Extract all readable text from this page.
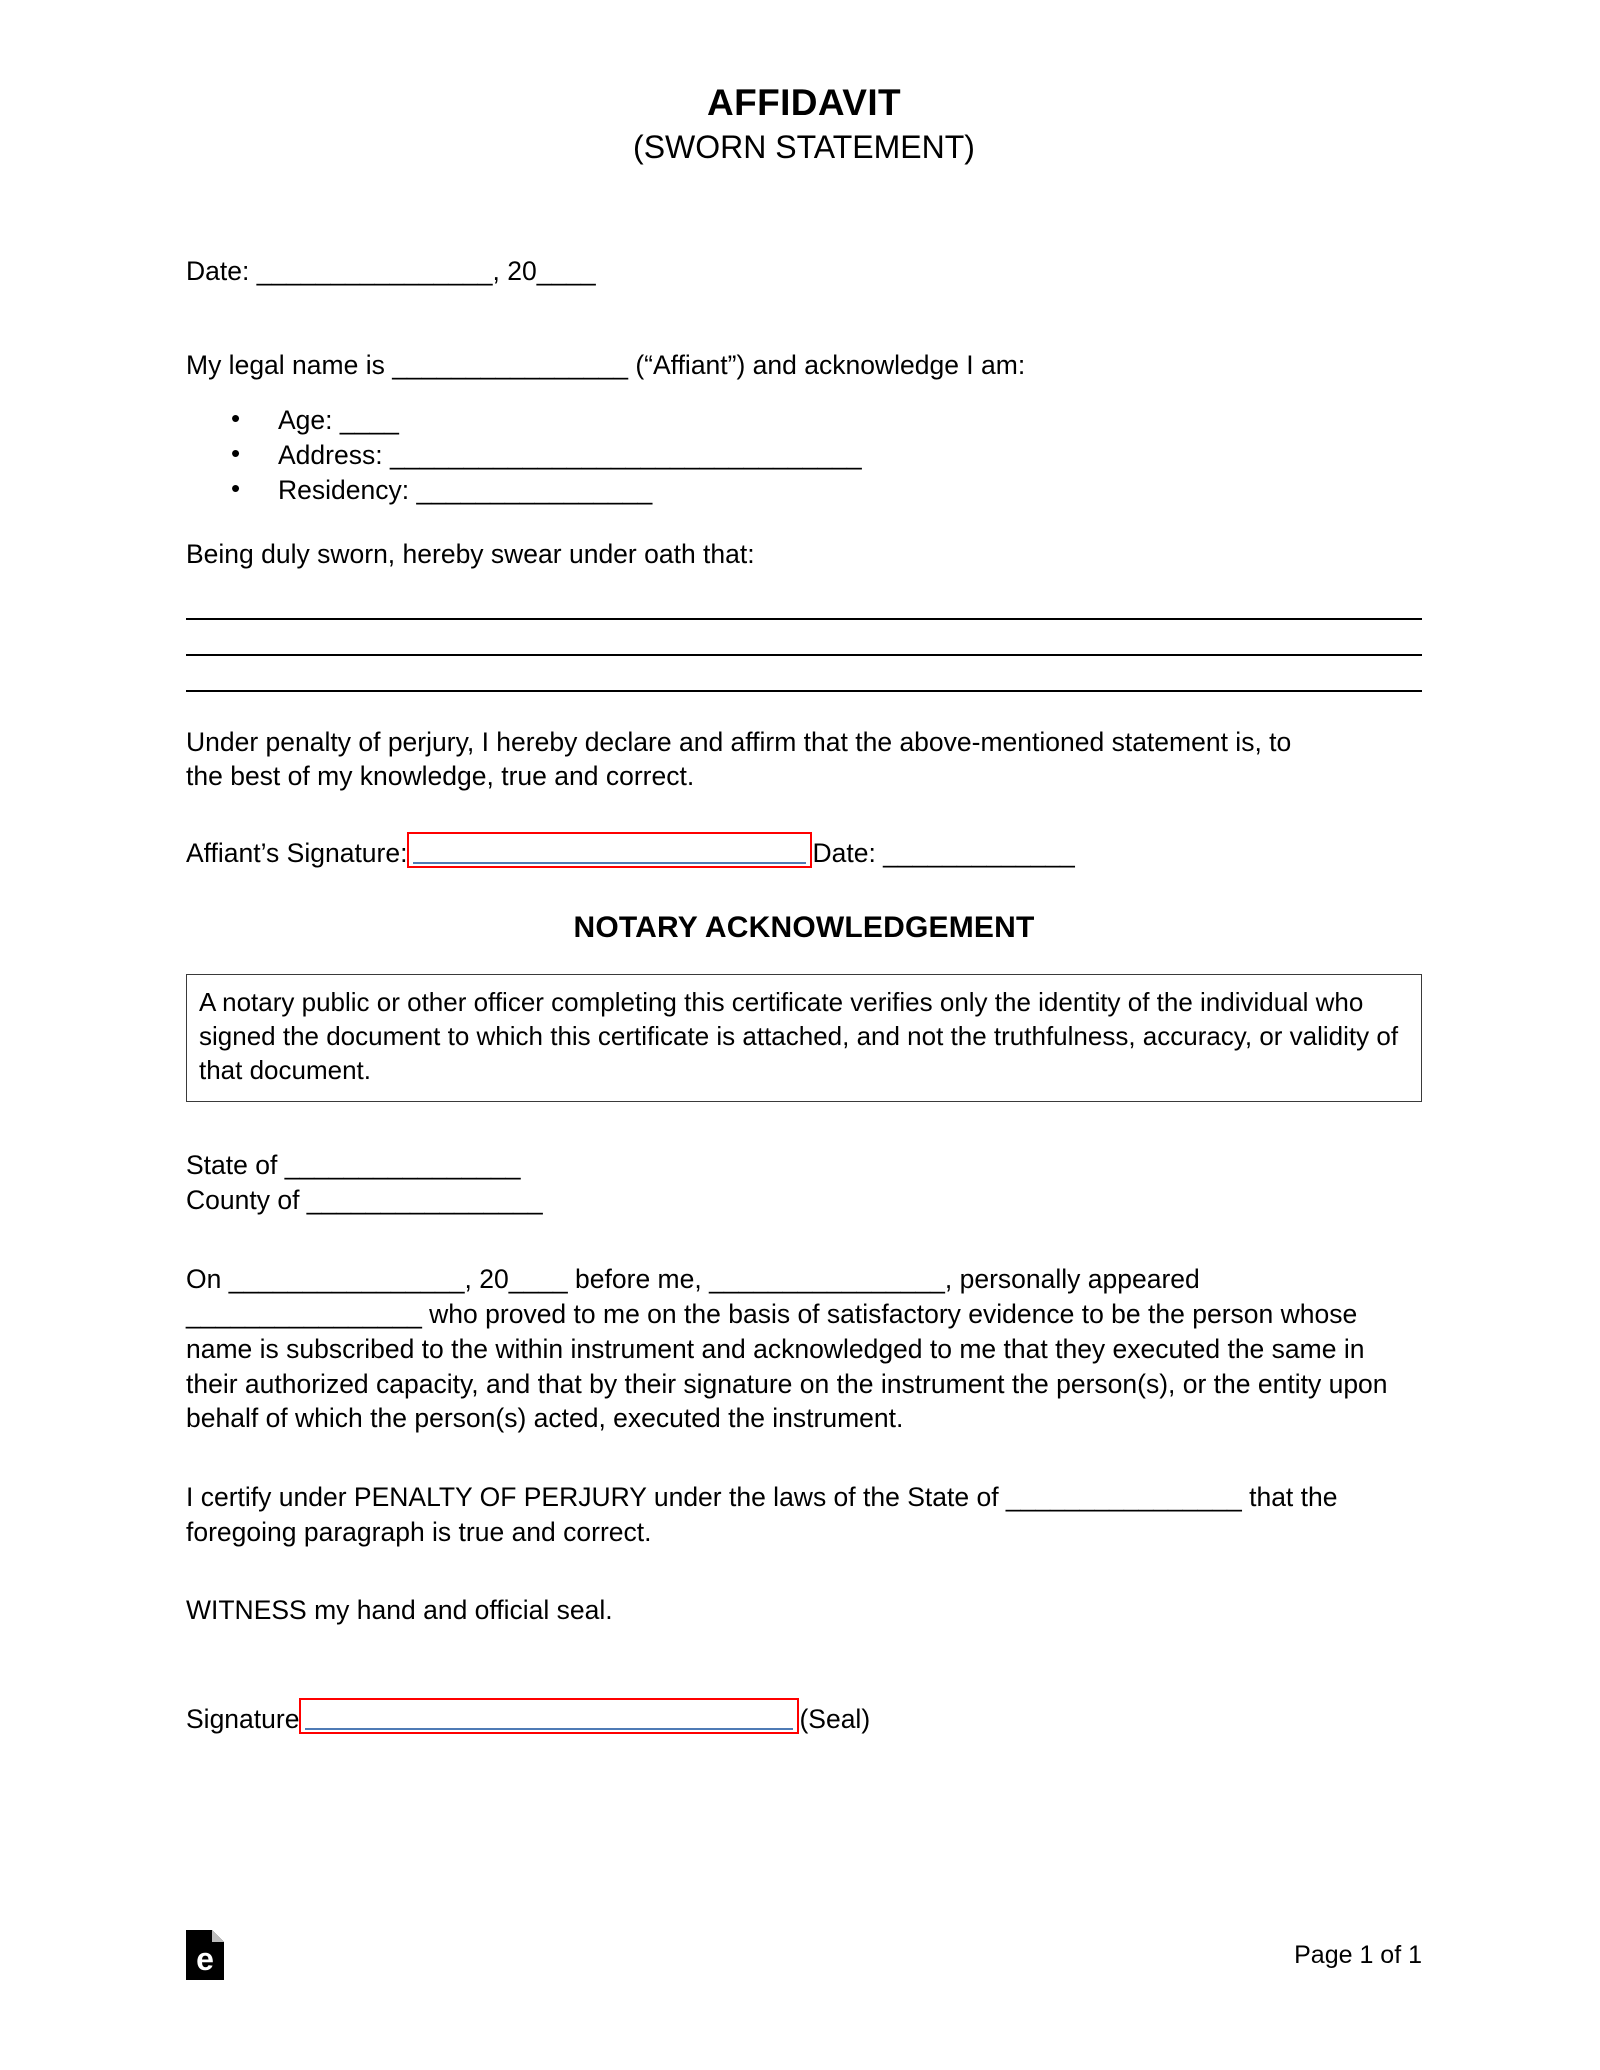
AFFIDAVIT
(SWORN STATEMENT)
Date: ________________, 20____
My legal name is ________________ (“Affiant”) and acknowledge I am:
• Age: ____
• Address: ________________________________
• Residency: ________________
Being duly sworn, hereby swear under oath that:
Under penalty of perjury, I hereby declare and affirm that the above-mentioned statement is, to the best of my knowledge, true and correct.
Affiant’s Signature:	Date: _____________
NOTARY ACKNOWLEDGEMENT
A notary public or other officer completing this certificate verifies only the identity of the individual who signed the document to which this certificate is attached, and not the truthfulness, accuracy, or validity of that document.
State of ________________
County of ________________
On ________________, 20____ before me, ________________, personally appeared ________________ who proved to me on the basis of satisfactory evidence to be the person whose name is subscribed to the within instrument and acknowledged to me that they executed the same in their authorized capacity, and that by their signature on the instrument the person(s), or the entity upon behalf of which the person(s) acted, executed the instrument.
I certify under PENALTY OF PERJURY under the laws of the State of ________________ that the foregoing paragraph is true and correct.
WITNESS my hand and official seal.
Signature	(Seal)
e	Page 1 of 1
